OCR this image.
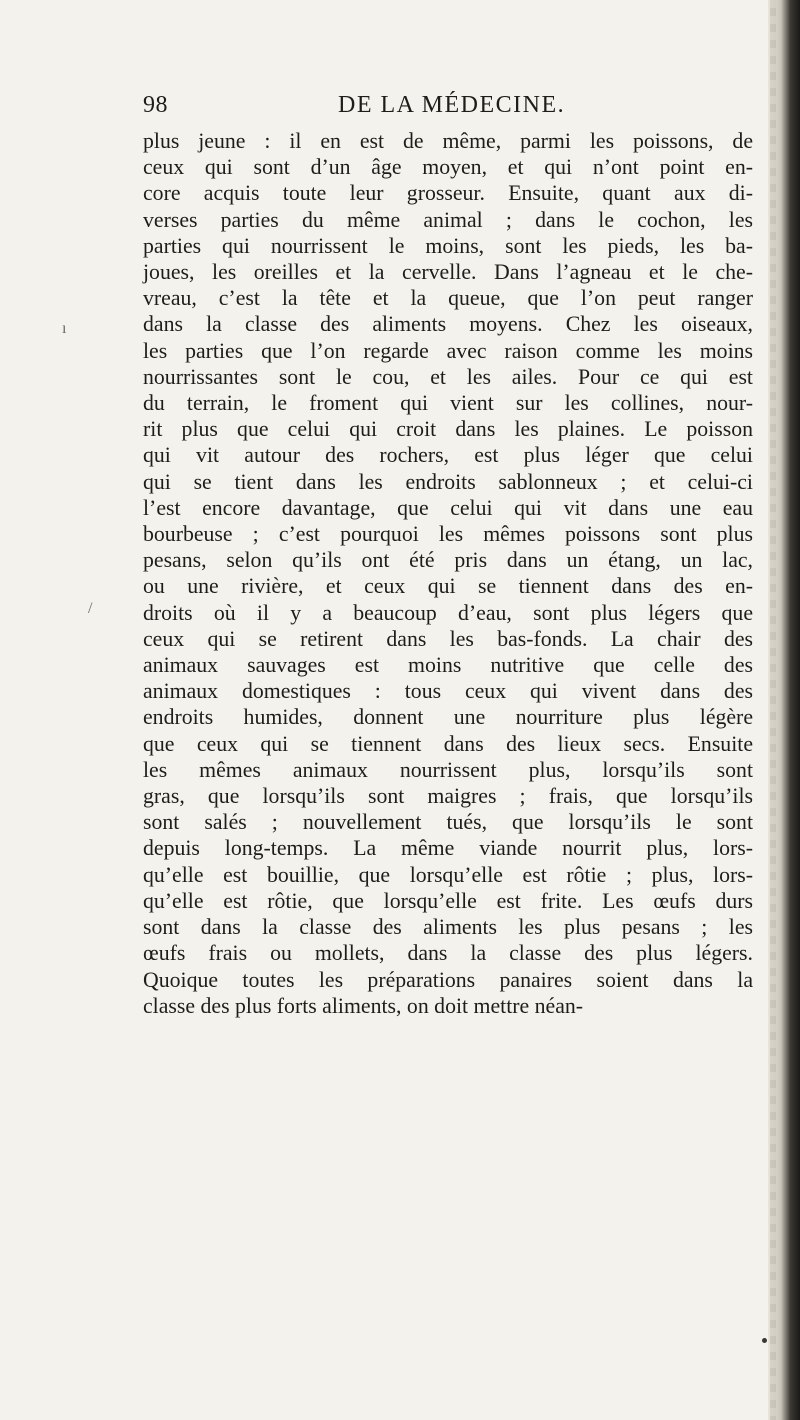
98	DE LA MÉDECINE.
plus jeune : il en est de même, parmi les poissons, de
ceux qui sont d’un âge moyen, et qui n’ont point en-
core acquis toute leur grosseur. Ensuite, quant aux di-
verses parties du même animal ; dans le cochon, les
parties qui nourrissent le moins, sont les pieds, les ba-
joues, les oreilles et la cervelle. Dans l’agneau et le che-
vreau, c’est la tête et la queue, que l’on peut ranger
dans la classe des aliments moyens. Chez les oiseaux,
les parties que l’on regarde avec raison comme les moins
nourrissantes sont le cou, et les ailes. Pour ce qui est
du terrain, le froment qui vient sur les collines, nour-
rit plus que celui qui croit dans les plaines. Le poisson
qui vit autour des rochers, est plus léger que celui
qui se tient dans les endroits sablonneux ; et celui-ci
l’est encore davantage, que celui qui vit dans une eau
bourbeuse ; c’est pourquoi les mêmes poissons sont plus
pesans, selon qu’ils ont été pris dans un étang, un lac,
ou une rivière, et ceux qui se tiennent dans des en-
droits où il y a beaucoup d’eau, sont plus légers que
ceux qui se retirent dans les bas-fonds. La chair des
animaux sauvages est moins nutritive que celle des
animaux domestiques : tous ceux qui vivent dans des
endroits humides, donnent une nourriture plus légère
que ceux qui se tiennent dans des lieux secs. Ensuite
les mêmes animaux nourrissent plus, lorsqu’ils sont
gras, que lorsqu’ils sont maigres ; frais, que lorsqu’ils
sont salés ; nouvellement tués, que lorsqu’ils le sont
depuis long-temps. La même viande nourrit plus, lors-
qu’elle est bouillie, que lorsqu’elle est rôtie ; plus, lors-
qu’elle est rôtie, que lorsqu’elle est frite. Les œufs durs
sont dans la classe des aliments les plus pesans ; les
œufs frais ou mollets, dans la classe des plus légers.
Quoique toutes les préparations panaires soient dans la
classe des plus forts aliments, on doit mettre néan-
ı
/
